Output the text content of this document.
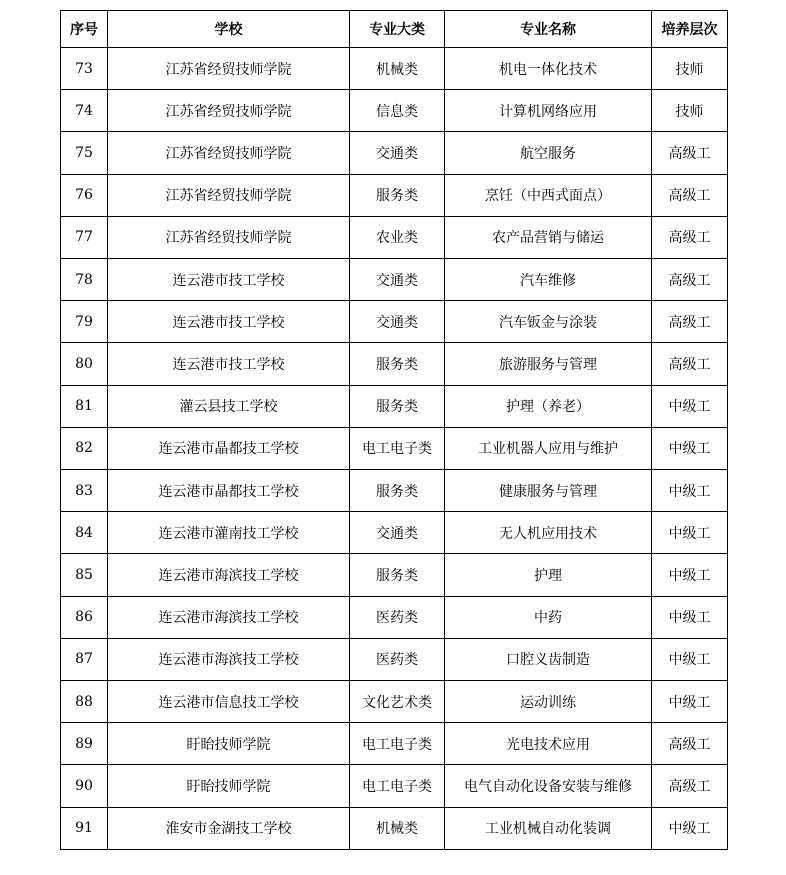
序号	学校	专业大类	专业名称	培养层次
73	江苏省经贸技师学院	机械类	机电一体化技术	技师
74	江苏省经贸技师学院	信息类	计算机网络应用	技师
75	江苏省经贸技师学院	交通类	航空服务	高级工
76	江苏省经贸技师学院	服务类	烹饪（中西式面点）	高级工
77	江苏省经贸技师学院	农业类	农产品营销与储运	高级工
78	连云港市技工学校	交通类	汽车维修	高级工
79	连云港市技工学校	交通类	汽车钣金与涂装	高级工
80	连云港市技工学校	服务类	旅游服务与管理	高级工
81	灌云县技工学校	服务类	护理（养老）	中级工
82	连云港市晶都技工学校	电工电子类	工业机器人应用与维护	中级工
83	连云港市晶都技工学校	服务类	健康服务与管理	中级工
84	连云港市灌南技工学校	交通类	无人机应用技术	中级工
85	连云港市海滨技工学校	服务类	护理	中级工
86	连云港市海滨技工学校	医药类	中药	中级工
87	连云港市海滨技工学校	医药类	口腔义齿制造	中级工
88	连云港市信息技工学校	文化艺术类	运动训练	中级工
89	盱眙技师学院	电工电子类	光电技术应用	高级工
90	盱眙技师学院	电工电子类	电气自动化设备安装与维修	高级工
91	淮安市金湖技工学校	机械类	工业机械自动化装调	中级工
